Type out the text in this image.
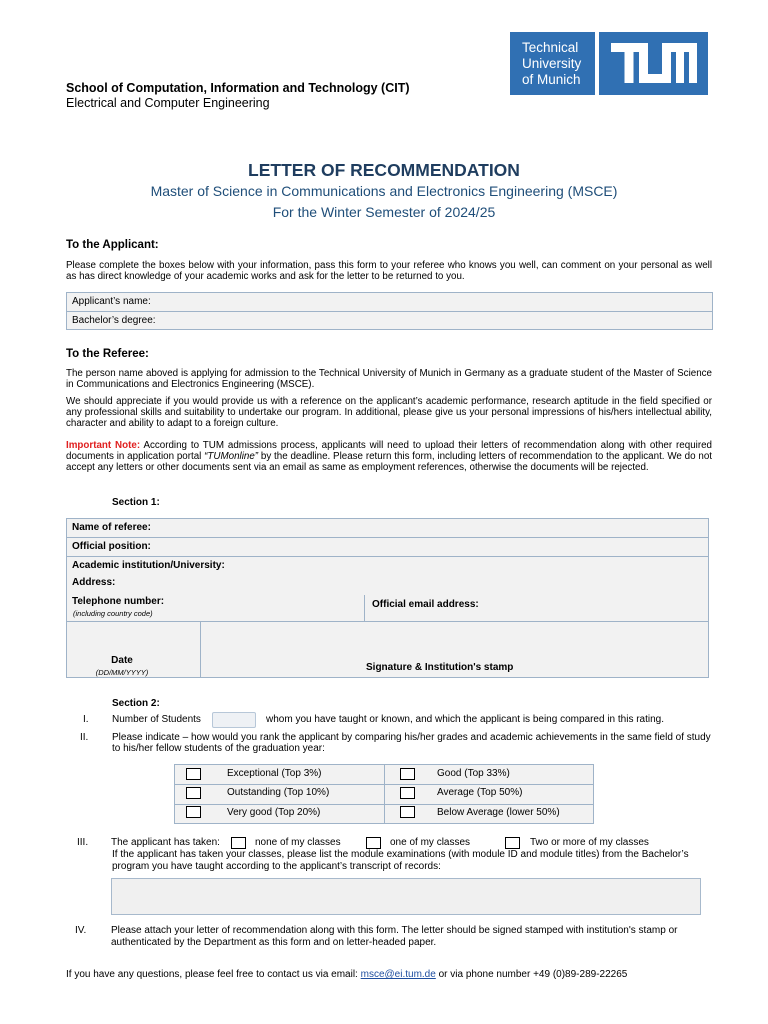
Technical
University
of Munich
School of Computation, Information and Technology (CIT)
Electrical and Computer Engineering
LETTER OF RECOMMENDATION
Master of Science in Communications and Electronics Engineering (MSCE)
For the Winter Semester of 2024/25
To the Applicant:
Please complete the boxes below with your information, pass this form to your referee who knows you well, can comment on your personal as well as has direct knowledge of your academic works and ask for the letter to be returned to you.
Applicant’s name:
Bachelor’s degree:
To the Referee:
The person name aboved is applying for admission to the Technical University of Munich in Germany as a graduate student of the Master of Science in Communications and Electronics Engineering (MSCE).
We should appreciate if you would provide us with a reference on the applicant’s academic performance, research aptitude in the field specified or any professional skills and suitability to undertake our program. In additional, please give us your personal impressions of his/hers intellectual ability, character and ability to adapt to a foreign culture.
Important Note: According to TUM admissions process, applicants will need to upload their letters of recommendation along with other required documents in application portal “TUMonline” by the deadline. Please return this form, including letters of recommendation to the applicant. We do not accept any letters or other documents sent via an email as same as employment references, otherwise the documents will be rejected.
Section 1:
Name of referee:
Official position:
Academic institution/University:
Address:
Telephone number:
(including country code)
Official email address:
Date
(DD/MM/YYYY)	Signature & Institution's stamp
Section 2:
I. Number of Students	whom you have taught or known, and which the applicant is being compared in this rating.
II. Please indicate – how would you rank the applicant by comparing his/her grades and academic achievements in the same field of study to his/her fellow students of the graduation year:
Exceptional (Top 3%)	Good (Top 33%)
Outstanding (Top 10%)	Average (Top 50%)
Very good (Top 20%)	Below Average (lower 50%)
III. The applicant has taken:	none of my classes	one of my classes	Two or more of my classes
If the applicant has taken your classes, please list the module examinations (with module ID and module titles) from the Bachelor’s program you have taught according to the applicant’s transcript of records:
IV. Please attach your letter of recommendation along with this form. The letter should be signed stamped with institution's stamp or authenticated by the Department as this form and on letter-headed paper.
If you have any questions, please feel free to contact us via email: msce@ei.tum.de or via phone number +49 (0)89-289-22265
